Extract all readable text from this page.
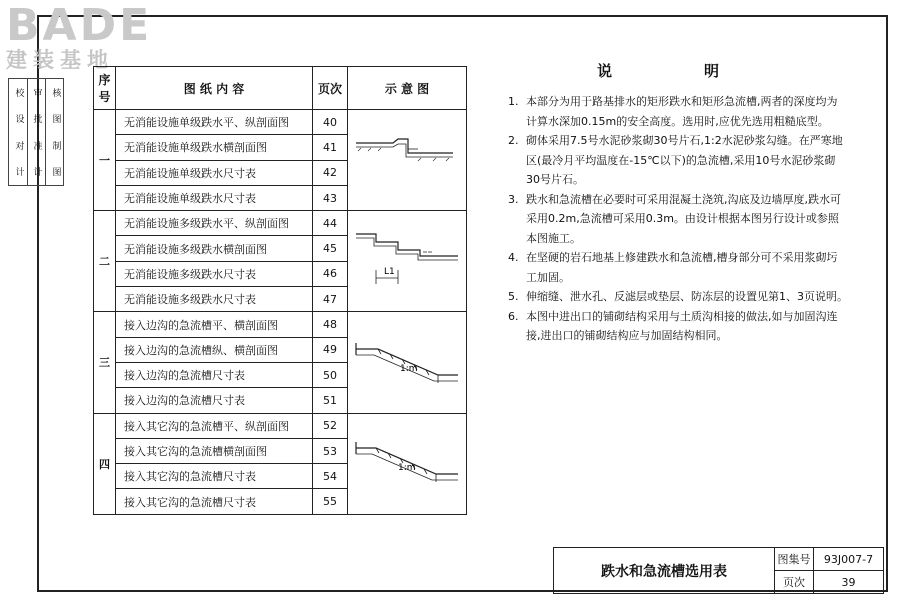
BADE
建装基地
校
设
对
计
审
批
准
计
核
图
制
图
序号	图 纸 内 容	页次	示 意 图
一	无消能设施单级跌水平、纵剖面图	40	
	无消能设施单级跌水横剖面图	41	
	无消能设施单级跌水尺寸表	42	
	无消能设施单级跌水尺寸表	43	
二	无消能设施多级跌水平、纵剖面图	44	L1

	无消能设施多级跌水横剖面图	45	
	无消能设施多级跌水尺寸表	46	
	无消能设施多级跌水尺寸表	47	
三	接入边沟的急流槽平、横剖面图	48	1:m

	接入边沟的急流槽纵、横剖面图	49	
	接入边沟的急流槽尺寸表	50	
	接入边沟的急流槽尺寸表	51	
四	接入其它沟的急流槽平、纵剖面图	52	1:m

	接入其它沟的急流槽横剖面图	53	
	接入其它沟的急流槽尺寸表	54	
	接入其它沟的急流槽尺寸表	55	
说明
1. 本部分为用于路基排水的矩形跌水和矩形急流槽,两者的深度均为计算水深加0.15m的安全高度。选用时,应优先选用粗糙底型。
2. 砌体采用7.5号水泥砂浆砌30号片石,1:2水泥砂浆勾缝。在严寒地区(最冷月平均温度在-15℃以下)的急流槽,采用10号水泥砂浆砌30号片石。
3. 跌水和急流槽在必要时可采用混凝土浇筑,沟底及边墙厚度,跌水可采用0.2m,急流槽可采用0.3m。由设计根据本图另行设计或参照本图施工。
4. 在坚硬的岩石地基上修建跌水和急流槽,槽身部分可不采用浆砌圬工加固。
5. 伸缩缝、泄水孔、反滤层或垫层、防冻层的设置见第1、3页说明。
6. 本图中进出口的铺砌结构采用与土质沟相接的做法,如与加固沟连接,进出口的铺砌结构应与加固结构相同。
跌水和急流槽选用表	图集号	93J007-7
	页次	39
